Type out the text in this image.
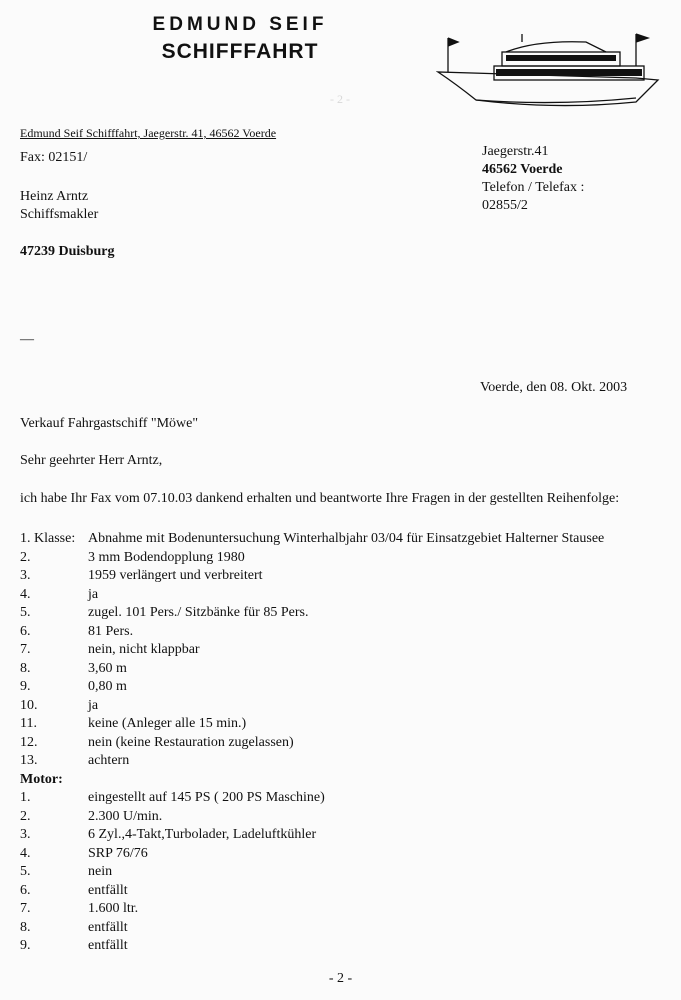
EDMUND SEIF
SCHIFFFAHRT
- 2 -
Edmund Seif Schifffahrt, Jaegerstr. 41, 46562 Voerde
Fax: 02151/
Heinz Arntz
Schiffsmakler
47239 Duisburg
Jaegerstr.41
46562 Voerde
Telefon / Telefax :
02855/2
—
Voerde, den 08. Okt. 2003
Verkauf Fahrgastschiff "Möwe"
Sehr geehrter Herr Arntz,
ich habe Ihr Fax vom 07.10.03 dankend erhalten und beantworte Ihre Fragen in der gestellten Reihenfolge:
1. Klasse: Abnahme mit Bodenuntersuchung Winterhalbjahr 03/04 für Einsatzgebiet Halterner Stausee
2.	3 mm Bodendopplung 1980
3.	1959 verlängert und verbreitert
4.	ja
5.	zugel. 101 Pers./ Sitzbänke für 85 Pers.
6.	81 Pers.
7.	nein, nicht klappbar
8.	3,60 m
9.	0,80 m
10.	ja
11.	keine (Anleger alle 15 min.)
12.	nein (keine Restauration zugelassen)
13.	achtern
Motor:
1.	eingestellt auf 145 PS ( 200 PS Maschine)
2.	2.300 U/min.
3.	6 Zyl.,4-Takt,Turbolader, Ladeluftkühler
4.	SRP 76/76
5.	nein
6.	entfällt
7.	1.600 ltr.
8.	entfällt
9.	entfällt
- 2 -
